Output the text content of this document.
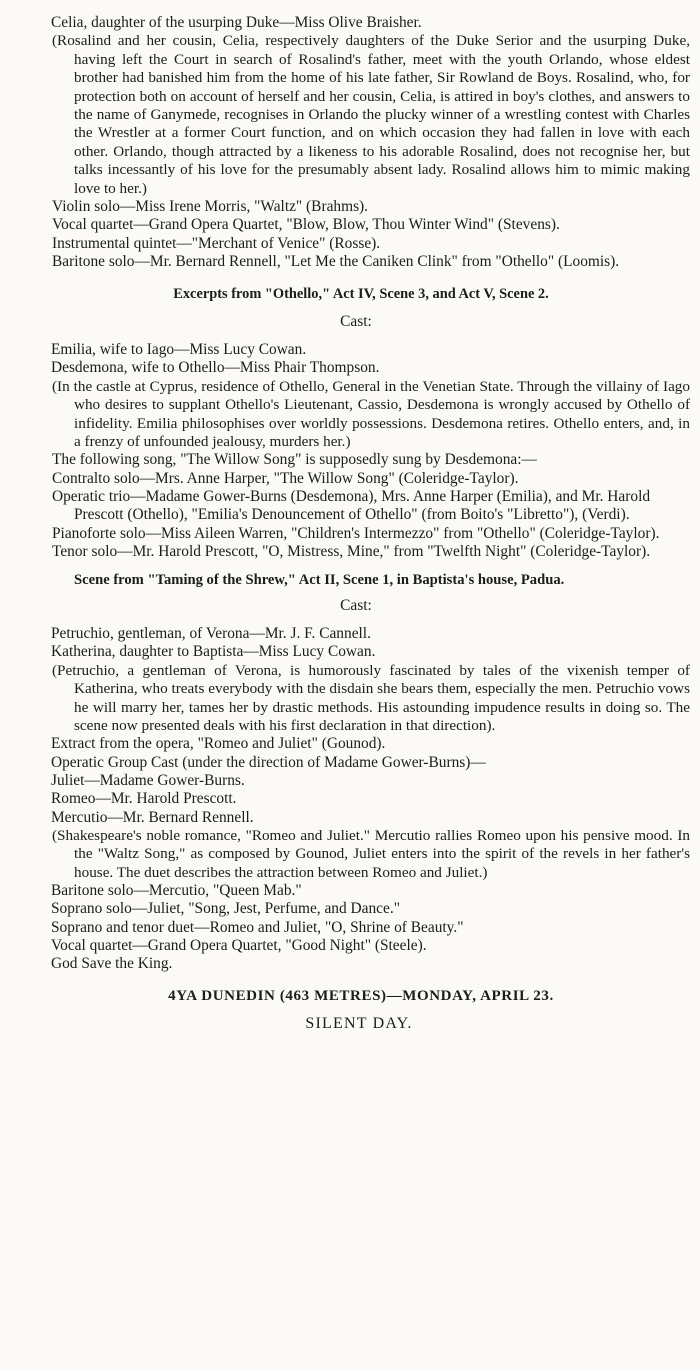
Celia, daughter of the usurping Duke—Miss Olive Braisher.

(Rosalind and her cousin, Celia, respectively daughters of the Duke Serior and the usurping Duke, having left the Court in search of Rosalind's father, meet with the youth Orlando, whose eldest brother had banished him from the home of his late father, Sir Rowland de Boys. Rosalind, who, for protection both on account of herself and her cousin, Celia, is attired in boy's clothes, and answers to the name of Ganymede, recognises in Orlando the plucky winner of a wrestling contest with Charles the Wrestler at a former Court function, and on which occasion they had fallen in love with each other. Orlando, though attracted by a likeness to his adorable Rosalind, does not recognise her, but talks incessantly of his love for the presumably absent lady. Rosalind allows him to mimic making love to her.)

Violin solo—Miss Irene Morris, "Waltz" (Brahms).

Vocal quartet—Grand Opera Quartet, "Blow, Blow, Thou Winter Wind" (Stevens).

Instrumental quintet—"Merchant of Venice" (Rosse).

Baritone solo—Mr. Bernard Rennell, "Let Me the Caniken Clink" from "Othello" (Loomis).

Excerpts from "Othello," Act IV, Scene 3, and Act V, Scene 2.
Cast:

Emilia, wife to Iago—Miss Lucy Cowan.

Desdemona, wife to Othello—Miss Phair Thompson.

(In the castle at Cyprus, residence of Othello, General in the Venetian State. Through the villainy of Iago who desires to supplant Othello's Lieutenant, Cassio, Desdemona is wrongly accused by Othello of infidelity. Emilia philosophises over worldly possessions. Desdemona retires. Othello enters, and, in a frenzy of unfounded jealousy, murders her.)

The following song, "The Willow Song" is supposedly sung by Desdemona:—

Contralto solo—Mrs. Anne Harper, "The Willow Song" (Coleridge-Taylor).

Operatic trio—Madame Gower-Burns (Desdemona), Mrs. Anne Harper (Emilia), and Mr. Harold Prescott (Othello), "Emilia's Denouncement of Othello" (from Boito's "Libretto"), (Verdi).

Pianoforte solo—Miss Aileen Warren, "Children's Intermezzo" from "Othello" (Coleridge-Taylor).

Tenor solo—Mr. Harold Prescott, "O, Mistress, Mine," from "Twelfth Night" (Coleridge-Taylor).

Scene from "Taming of the Shrew," Act II, Scene 1, in Baptista's house, Padua.
Cast:

Petruchio, gentleman, of Verona—Mr. J. F. Cannell.

Katherina, daughter to Baptista—Miss Lucy Cowan.

(Petruchio, a gentleman of Verona, is humorously fascinated by tales of the vixenish temper of Katherina, who treats everybody with the disdain she bears them, especially the men. Petruchio vows he will marry her, tames her by drastic methods. His astounding impudence results in doing so. The scene now presented deals with his first declaration in that direction).

Extract from the opera, "Romeo and Juliet" (Gounod).

Operatic Group Cast (under the direction of Madame Gower-Burns)—

Juliet—Madame Gower-Burns.

Romeo—Mr. Harold Prescott.

Mercutio—Mr. Bernard Rennell.

(Shakespeare's noble romance, "Romeo and Juliet." Mercutio rallies Romeo upon his pensive mood. In the "Waltz Song," as composed by Gounod, Juliet enters into the spirit of the revels in her father's house. The duet describes the attraction between Romeo and Juliet.)

Baritone solo—Mercutio, "Queen Mab."

Soprano solo—Juliet, "Song, Jest, Perfume, and Dance."

Soprano and tenor duet—Romeo and Juliet, "O, Shrine of Beauty."

Vocal quartet—Grand Opera Quartet, "Good Night" (Steele).

God Save the King.

4YA DUNEDIN (463 METRES)—MONDAY, APRIL 23.
SILENT DAY.
